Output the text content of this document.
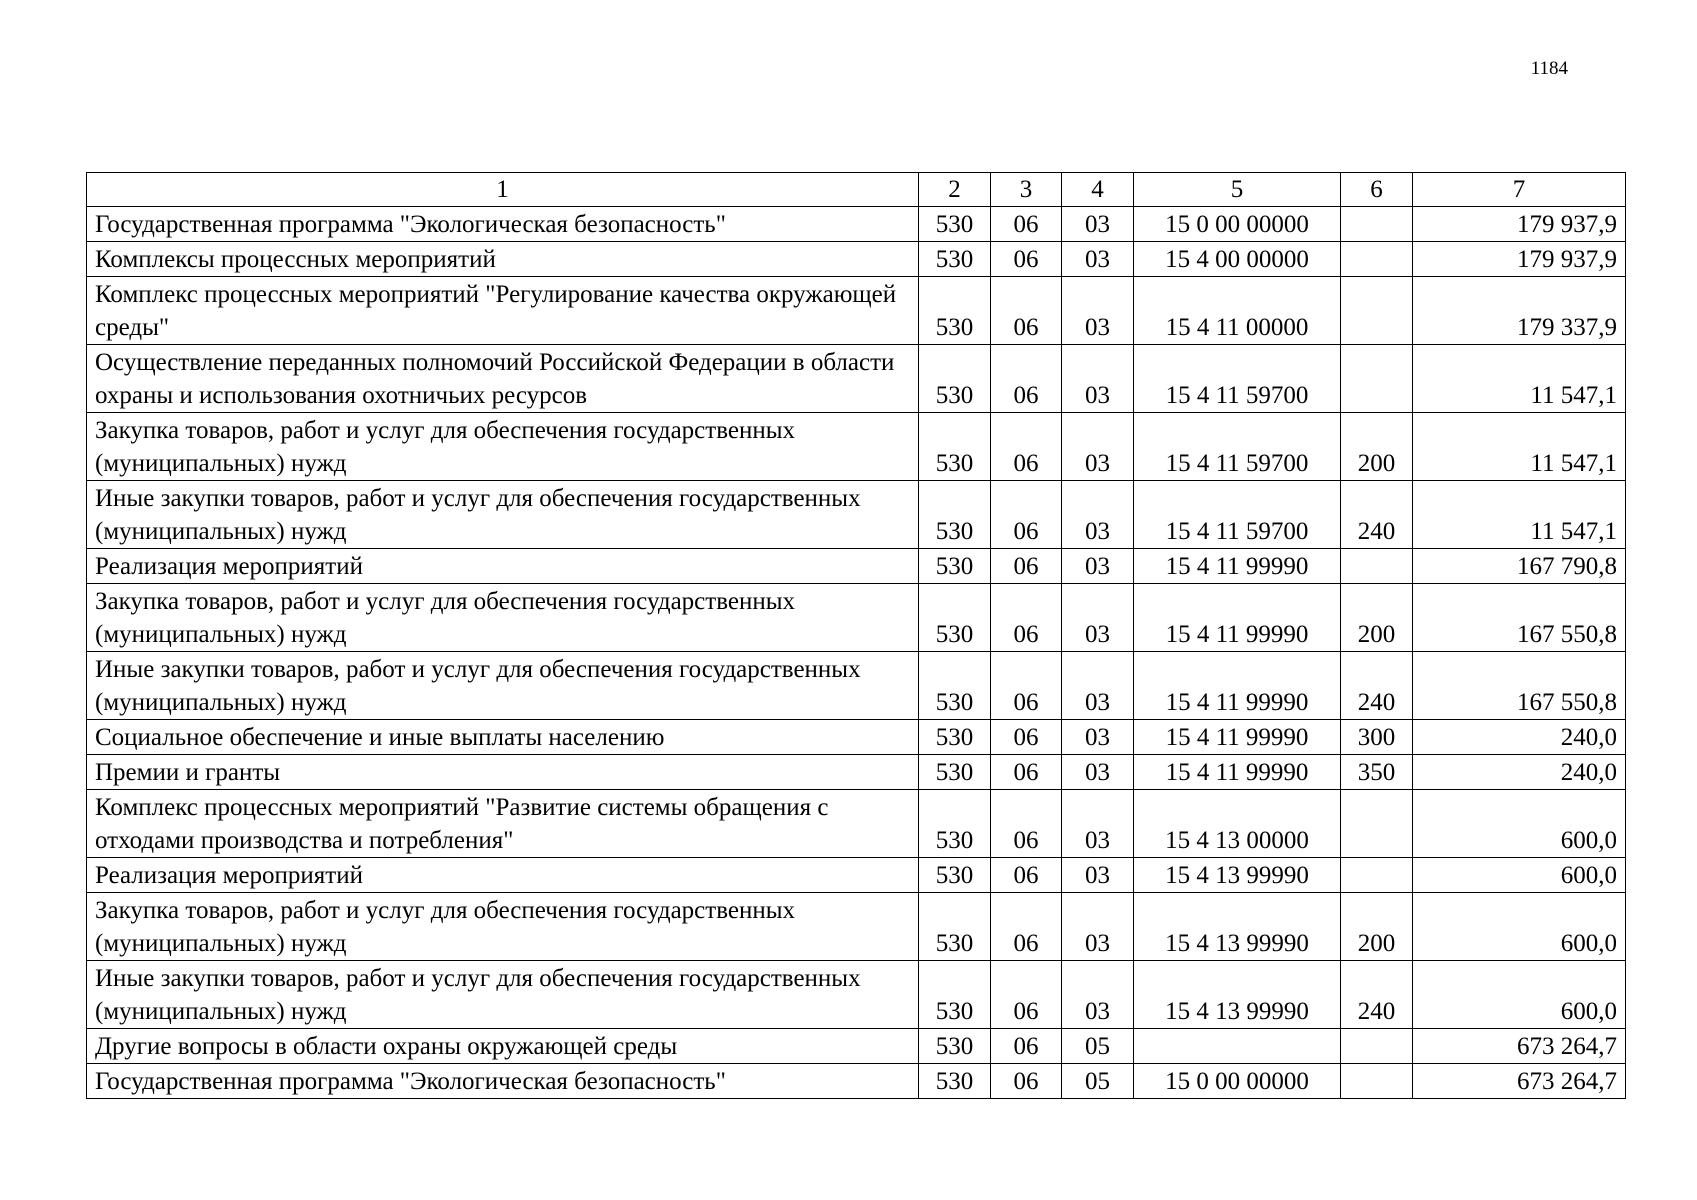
1184
1	2	3	4	5	6	7
Государственная программа "Экологическая безопасность"	530	06	03	15 0 00 00000		179 937,9
Комплексы процессных мероприятий	530	06	03	15 4 00 00000		179 937,9
Комплекс процессных мероприятий "Регулирование качества окружающей среды"	530	06	03	15 4 11 00000		179 337,9
Осуществление переданных полномочий Российской Федерации в области охраны и использования охотничьих ресурсов	530	06	03	15 4 11 59700		11 547,1
Закупка товаров, работ и услуг для обеспечения государственных (муниципальных) нужд	530	06	03	15 4 11 59700	200	11 547,1
Иные закупки товаров, работ и услуг для обеспечения государственных (муниципальных) нужд	530	06	03	15 4 11 59700	240	11 547,1
Реализация мероприятий	530	06	03	15 4 11 99990		167 790,8
Закупка товаров, работ и услуг для обеспечения государственных (муниципальных) нужд	530	06	03	15 4 11 99990	200	167 550,8
Иные закупки товаров, работ и услуг для обеспечения государственных (муниципальных) нужд	530	06	03	15 4 11 99990	240	167 550,8
Социальное обеспечение и иные выплаты населению	530	06	03	15 4 11 99990	300	240,0
Премии и гранты	530	06	03	15 4 11 99990	350	240,0
Комплекс процессных мероприятий "Развитие системы обращения с отходами производства и потребления"	530	06	03	15 4 13 00000		600,0
Реализация мероприятий	530	06	03	15 4 13 99990		600,0
Закупка товаров, работ и услуг для обеспечения государственных (муниципальных) нужд	530	06	03	15 4 13 99990	200	600,0
Иные закупки товаров, работ и услуг для обеспечения государственных (муниципальных) нужд	530	06	03	15 4 13 99990	240	600,0
Другие вопросы в области охраны окружающей среды	530	06	05			673 264,7
Государственная программа "Экологическая безопасность"	530	06	05	15 0 00 00000		673 264,7
